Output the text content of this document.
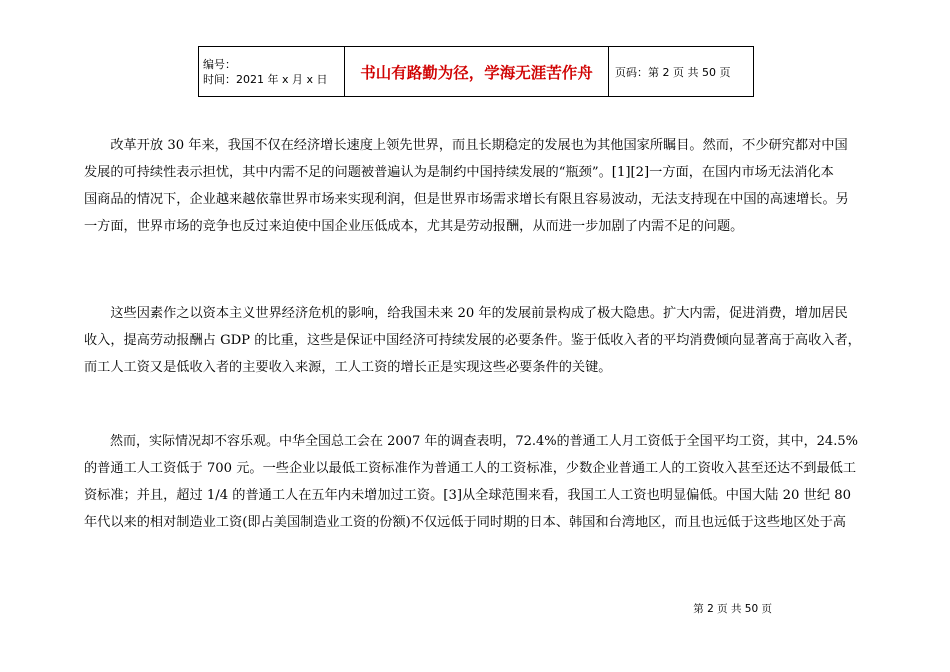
编号：
时间：2021 年 x 月 x 日	书山有路勤为径，学海无涯苦作舟	页码：第 2 页 共 50 页
　　改革开放 30 年来，我国不仅在经济增长速度上领先世界，而且长期稳定的发展也为其他国家所瞩目。然而，不少研究都对中国
发展的可持续性表示担忧，其中内需不足的问题被普遍认为是制约中国持续发展的“瓶颈”。[1][2]一方面，在国内市场无法消化本
国商品的情况下，企业越来越依靠世界市场来实现利润，但是世界市场需求增长有限且容易波动，无法支持现在中国的高速增长。另
一方面，世界市场的竞争也反过来迫使中国企业压低成本，尤其是劳动报酬，从而进一步加剧了内需不足的问题。
　　这些因素作之以资本主义世界经济危机的影响，给我国未来 20 年的发展前景构成了极大隐患。扩大内需，促进消费，增加居民
收入，提高劳动报酬占 GDP 的比重，这些是保证中国经济可持续发展的必要条件。鉴于低收入者的平均消费倾向显著高于高收入者，
而工人工资又是低收入者的主要收入来源，工人工资的增长正是实现这些必要条件的关键。
　　然而，实际情况却不容乐观。中华全国总工会在 2007 年的调查表明，72.4%的普通工人月工资低于全国平均工资，其中，24.5%
的普通工人工资低于 700 元。一些企业以最低工资标准作为普通工人的工资标准，少数企业普通工人的工资收入甚至还达不到最低工
资标准；并且，超过 1/4 的普通工人在五年内未增加过工资。[3]从全球范围来看，我国工人工资也明显偏低。中国大陆 20 世纪 80
年代以来的相对制造业工资(即占美国制造业工资的份额)不仅远低于同时期的日本、韩国和台湾地区，而且也远低于这些地区处于高
第 2 页 共 50 页
